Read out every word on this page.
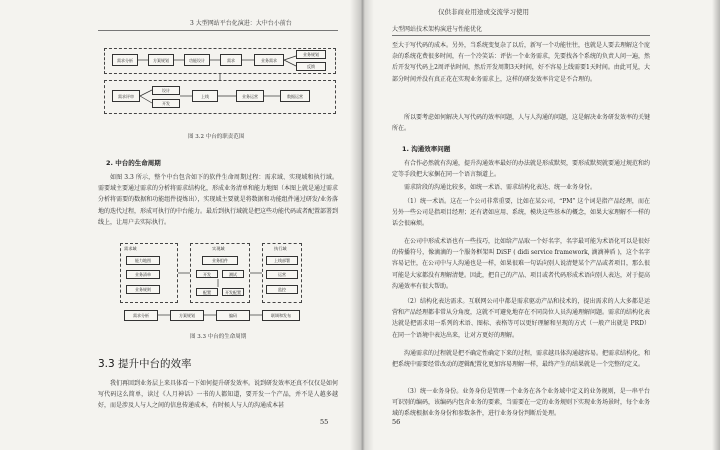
3 大型网站平台化演进：大中台小前台
需求分析	方案规划	功能设计	需求	业务需求
业务规划
反馈
需求评审
设计
开发
上线	业务运营	数据运营
图 3.2 中台的职责范围
2. 中台的生命周期
如图 3.3 所示，整个中台包含如下的软件生命周期过程：需求域、实现域和执行域。需要域主要通过需求的分析将需求结构化，形成业务清单和能力地图（本图上就是通过需求分析将需要的数据和功能组件提炼出），实现域主要就是将数据和功能组件通过研发/业务落地的迭代过程，形成可执行的中台能力。最后到执行域就是把这些功能代码或者配置部署到线上，让用户去实际执行。
需求域	实现域	执行域
能力地图
业务清单
业务规则
业务组件
开发	测试
配置	开发配置
上线部署
运营
监控
需求分析	方案规划	编码	联调和发布
图 3.3 中台的生命周期
3.3 提升中台的效率
我们再回到业务层上来具体看一下如何提升研发效率。说到研发效率还真不仅仅是如何写代码这么简单，读过《人月神话》一书的人都知道，要开发一个产品，并不是人越多越好，而是涉及人与人之间的信息传递成本，有时候人与人的沟通成本甚
55
仅供非商业用途或交流学习使用
大型网站技术架构演进与性能优化
至大于写代码的成本。另外，当系统变复杂了以后，新写一个功能往往，也就是人要去理解这个庞杂的系统花费很多时间，有一个冷笑话：评估一个业务需求，先要找各个系统的负责人问一遍，然后开发写代码上2周评估时间，然后开发周期3天时间，好不容易上线需要1天时间。由此可见，大部分时间并没有真正花在实现业务需求上，这样的研发效率肯定是不合理的。
所以要考虑如何解决人写代码的效率问题，人与人沟通的问题，这是解决业务研发效率的关键所在。
1. 沟通效率问题
有合作必然就有沟通，提升沟通效率最好的办法就是形成默契，要形成默契就要通过规范和约定等手段把大家捆在同一个语言频道上。
需求阶段的沟通比较多，如统一术语、需求结构化表达、统一业务身份。
（1）统一术语。这在一个公司非常重要，比如在某公司，“PM” 这个词是指产品经理，而在另外一些公司是指项目经理；还有诸如应用、系统，模块这些基本的概念，如果大家理解不一样的话会很麻烦。
在公司中形成术语也有一些技巧，比如给产品取一个好名字，名字最可能为术语化可以是很好的传播符号，像滴滴的一个服务框架叫 DiSF ( didi service framework, 滴滴神盾 )，这个名字容易记住，在公司中与人沟通也是一样，如果很难一句话向别人说清楚某个产品或者项目，那么很可能是大家都没有理解清楚。因此，把自己的产品、项目或者代码形成术语向别人表达，对于提高沟通效率有很大帮助。
（2）结构化表达需求。互联网公司中都是需求驱动产品和技术的，提出需求的人大多都是运营和产品经理都非常从分角度，这就不可避免地存在不同岗位人员沟通理解问题。需求的结构化表达就是把需求用一系列的术语、图标、表格等可以更好理解和呈现的方式（一般产出就是 PRD）在同一个语境中表达出来，让对方更好的理解。
沟通需求的过程就是把不确定性确定下来的过程，需求越具体沟通越容易。把需求结构化，和把系统中需要经常改动的逻辑配置化更加容易理解一样，最终产生的结果就是一个完整的定义。
（3）统一业务身份。业务身份是管理一个业务在各个业务域中定义的业务规则，是一串平台可识别的编码，该编码内包含业务的要素，当需要在一定的业务规则下实现业务场景时，每个业务域的系统根据业务身份和参数条件，进行业务身份判断后处理。
56
